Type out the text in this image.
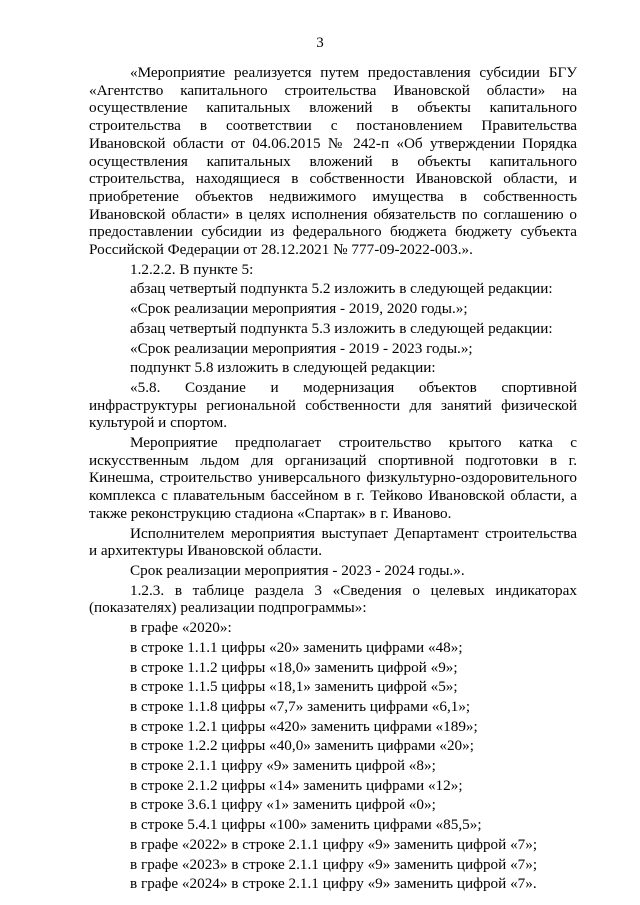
3
«Мероприятие реализуется путем предоставления субсидии БГУ
«Агентство капитального строительства Ивановской области» на
осуществление капитальных вложений в объекты капитального
строительства в соответствии с постановлением Правительства
Ивановской области от 04.06.2015 № 242-п «Об утверждении Порядка
осуществления капитальных вложений в объекты капитального
строительства, находящиеся в собственности Ивановской области, и
приобретение объектов недвижимого имущества в собственность
Ивановской области» в целях исполнения обязательств по соглашению о
предоставлении субсидии из федерального бюджета бюджету субъекта
Российской Федерации от 28.12.2021 № 777-09-2022-003.».
1.2.2.2. В пункте 5:
абзац четвертый подпункта 5.2 изложить в следующей редакции:
«Срок реализации мероприятия - 2019, 2020 годы.»;
абзац четвертый подпункта 5.3 изложить в следующей редакции:
«Срок реализации мероприятия - 2019 - 2023 годы.»;
подпункт 5.8 изложить в следующей редакции:
«5.8. Создание и модернизация объектов спортивной
инфраструктуры региональной собственности для занятий физической
культурой и спортом.
Мероприятие предполагает строительство крытого катка с
искусственным льдом для организаций спортивной подготовки в г.
Кинешма, строительство универсального физкультурно-оздоровительного
комплекса с плавательным бассейном в г. Тейково Ивановской области, а
также реконструкцию стадиона «Спартак» в г. Иваново.
Исполнителем мероприятия выступает Департамент строительства
и архитектуры Ивановской области.
Срок реализации мероприятия - 2023 - 2024 годы.».
1.2.3. в таблице раздела 3 «Сведения о целевых индикаторах
(показателях) реализации подпрограммы»:
в графе «2020»:
в строке 1.1.1 цифры «20» заменить цифрами «48»;
в строке 1.1.2 цифры «18,0» заменить цифрой «9»;
в строке 1.1.5 цифры «18,1» заменить цифрой «5»;
в строке 1.1.8 цифры «7,7» заменить цифрами «6,1»;
в строке 1.2.1 цифры «420» заменить цифрами «189»;
в строке 1.2.2 цифры «40,0» заменить цифрами «20»;
в строке 2.1.1 цифру «9» заменить цифрой «8»;
в строке 2.1.2 цифры «14» заменить цифрами «12»;
в строке 3.6.1 цифру «1» заменить цифрой «0»;
в строке 5.4.1 цифры «100» заменить цифрами «85,5»;
в графе «2022» в строке 2.1.1 цифру «9» заменить цифрой «7»;
в графе «2023» в строке 2.1.1 цифру «9» заменить цифрой «7»;
в графе «2024» в строке 2.1.1 цифру «9» заменить цифрой «7».
